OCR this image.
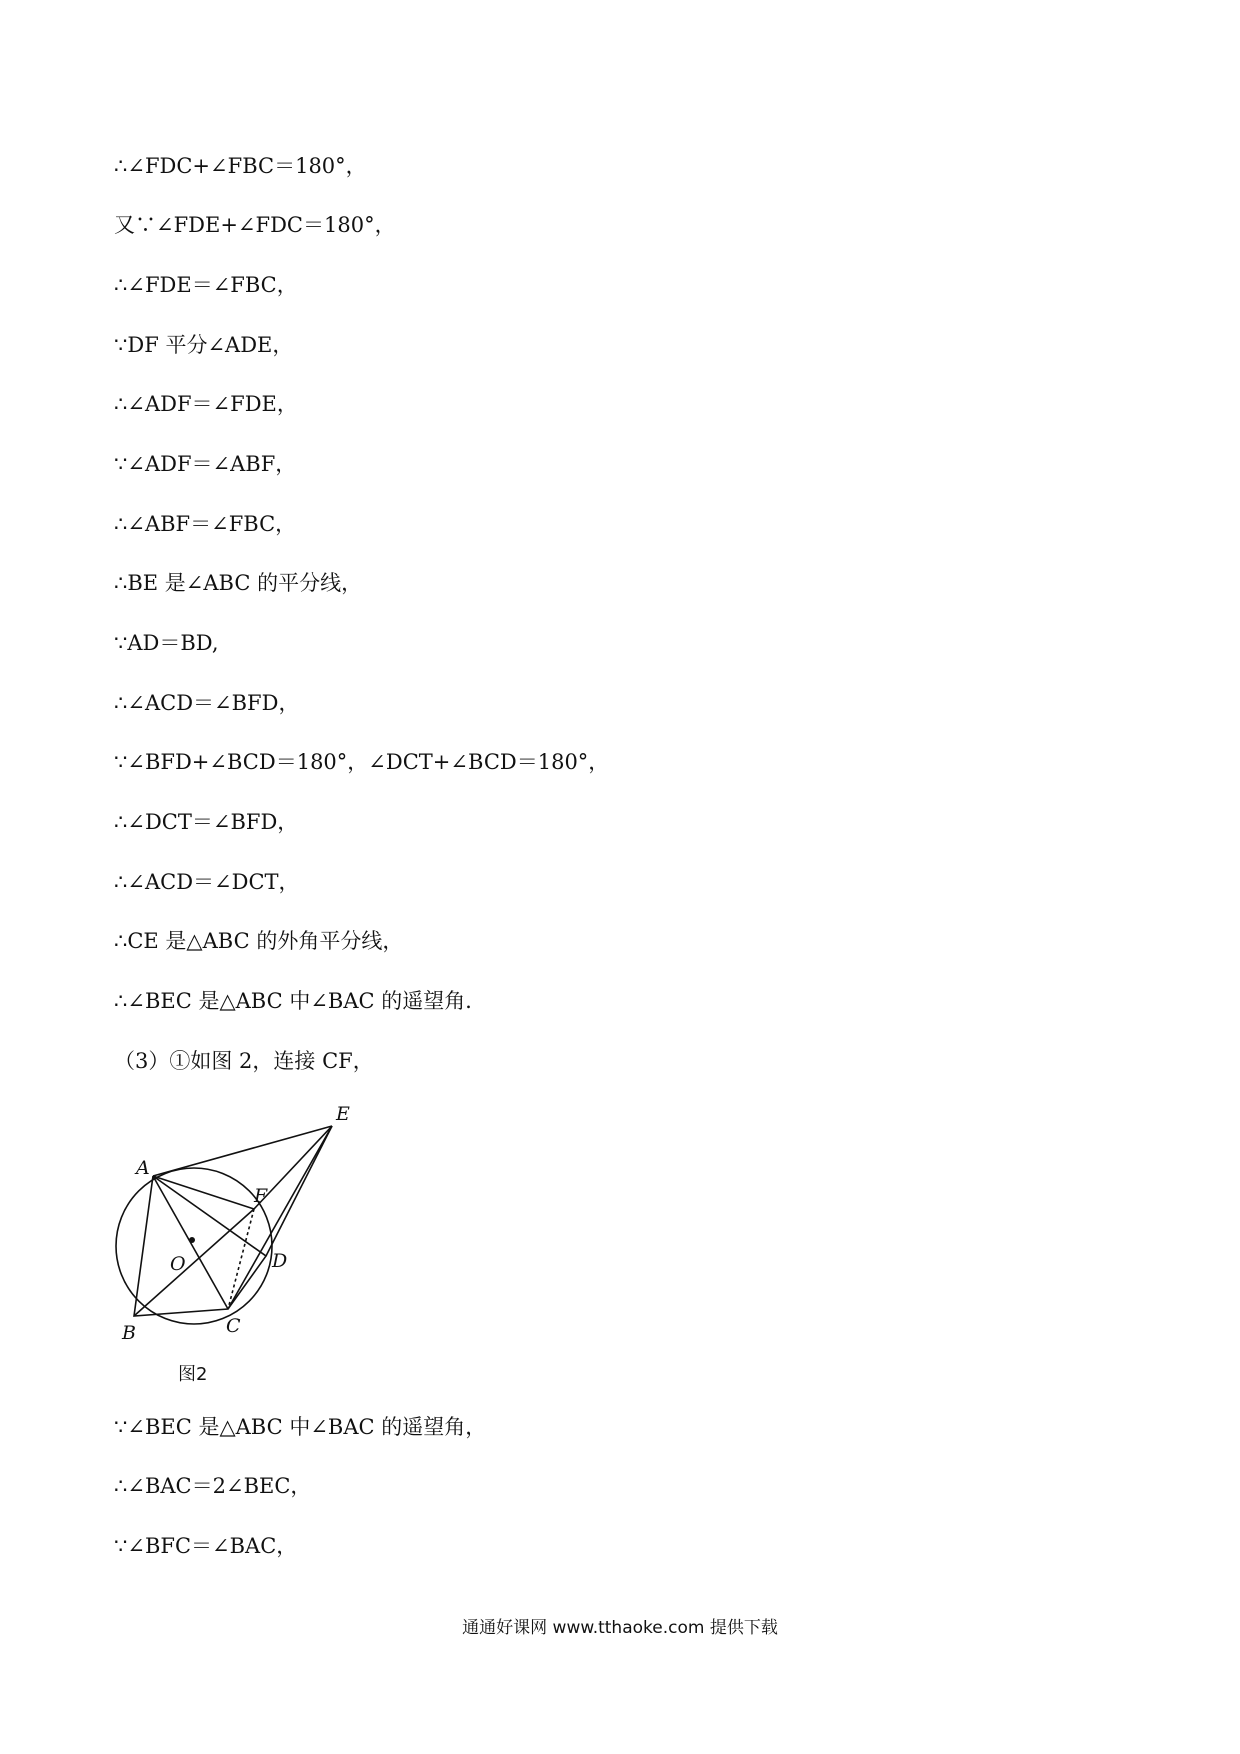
∴∠FDC+∠FBC＝180°，
又∵∠FDE+∠FDC＝180°，
∴∠FDE＝∠FBC，
∵DF 平分∠ADE，
∴∠ADF＝∠FDE，
∵∠ADF＝∠ABF，
∴∠ABF＝∠FBC，
∴BE 是∠ABC 的平分线，
∵AD＝BD,
∴∠ACD＝∠BFD，
∵∠BFD+∠BCD＝180°，∠DCT+∠BCD＝180°，
∴∠DCT＝∠BFD，
∴∠ACD＝∠DCT，
∴CE 是△ABC 的外角平分线，
∴∠BEC 是△ABC 中∠BAC 的遥望角．
（3）①如图 2，连接 CF，
A
B	C
D
E
F
O
图2
∵∠BEC 是△ABC 中∠BAC 的遥望角，
∴∠BAC＝2∠BEC，
∵∠BFC＝∠BAC，
通通好课网 www.tthaoke.com 提供下载
